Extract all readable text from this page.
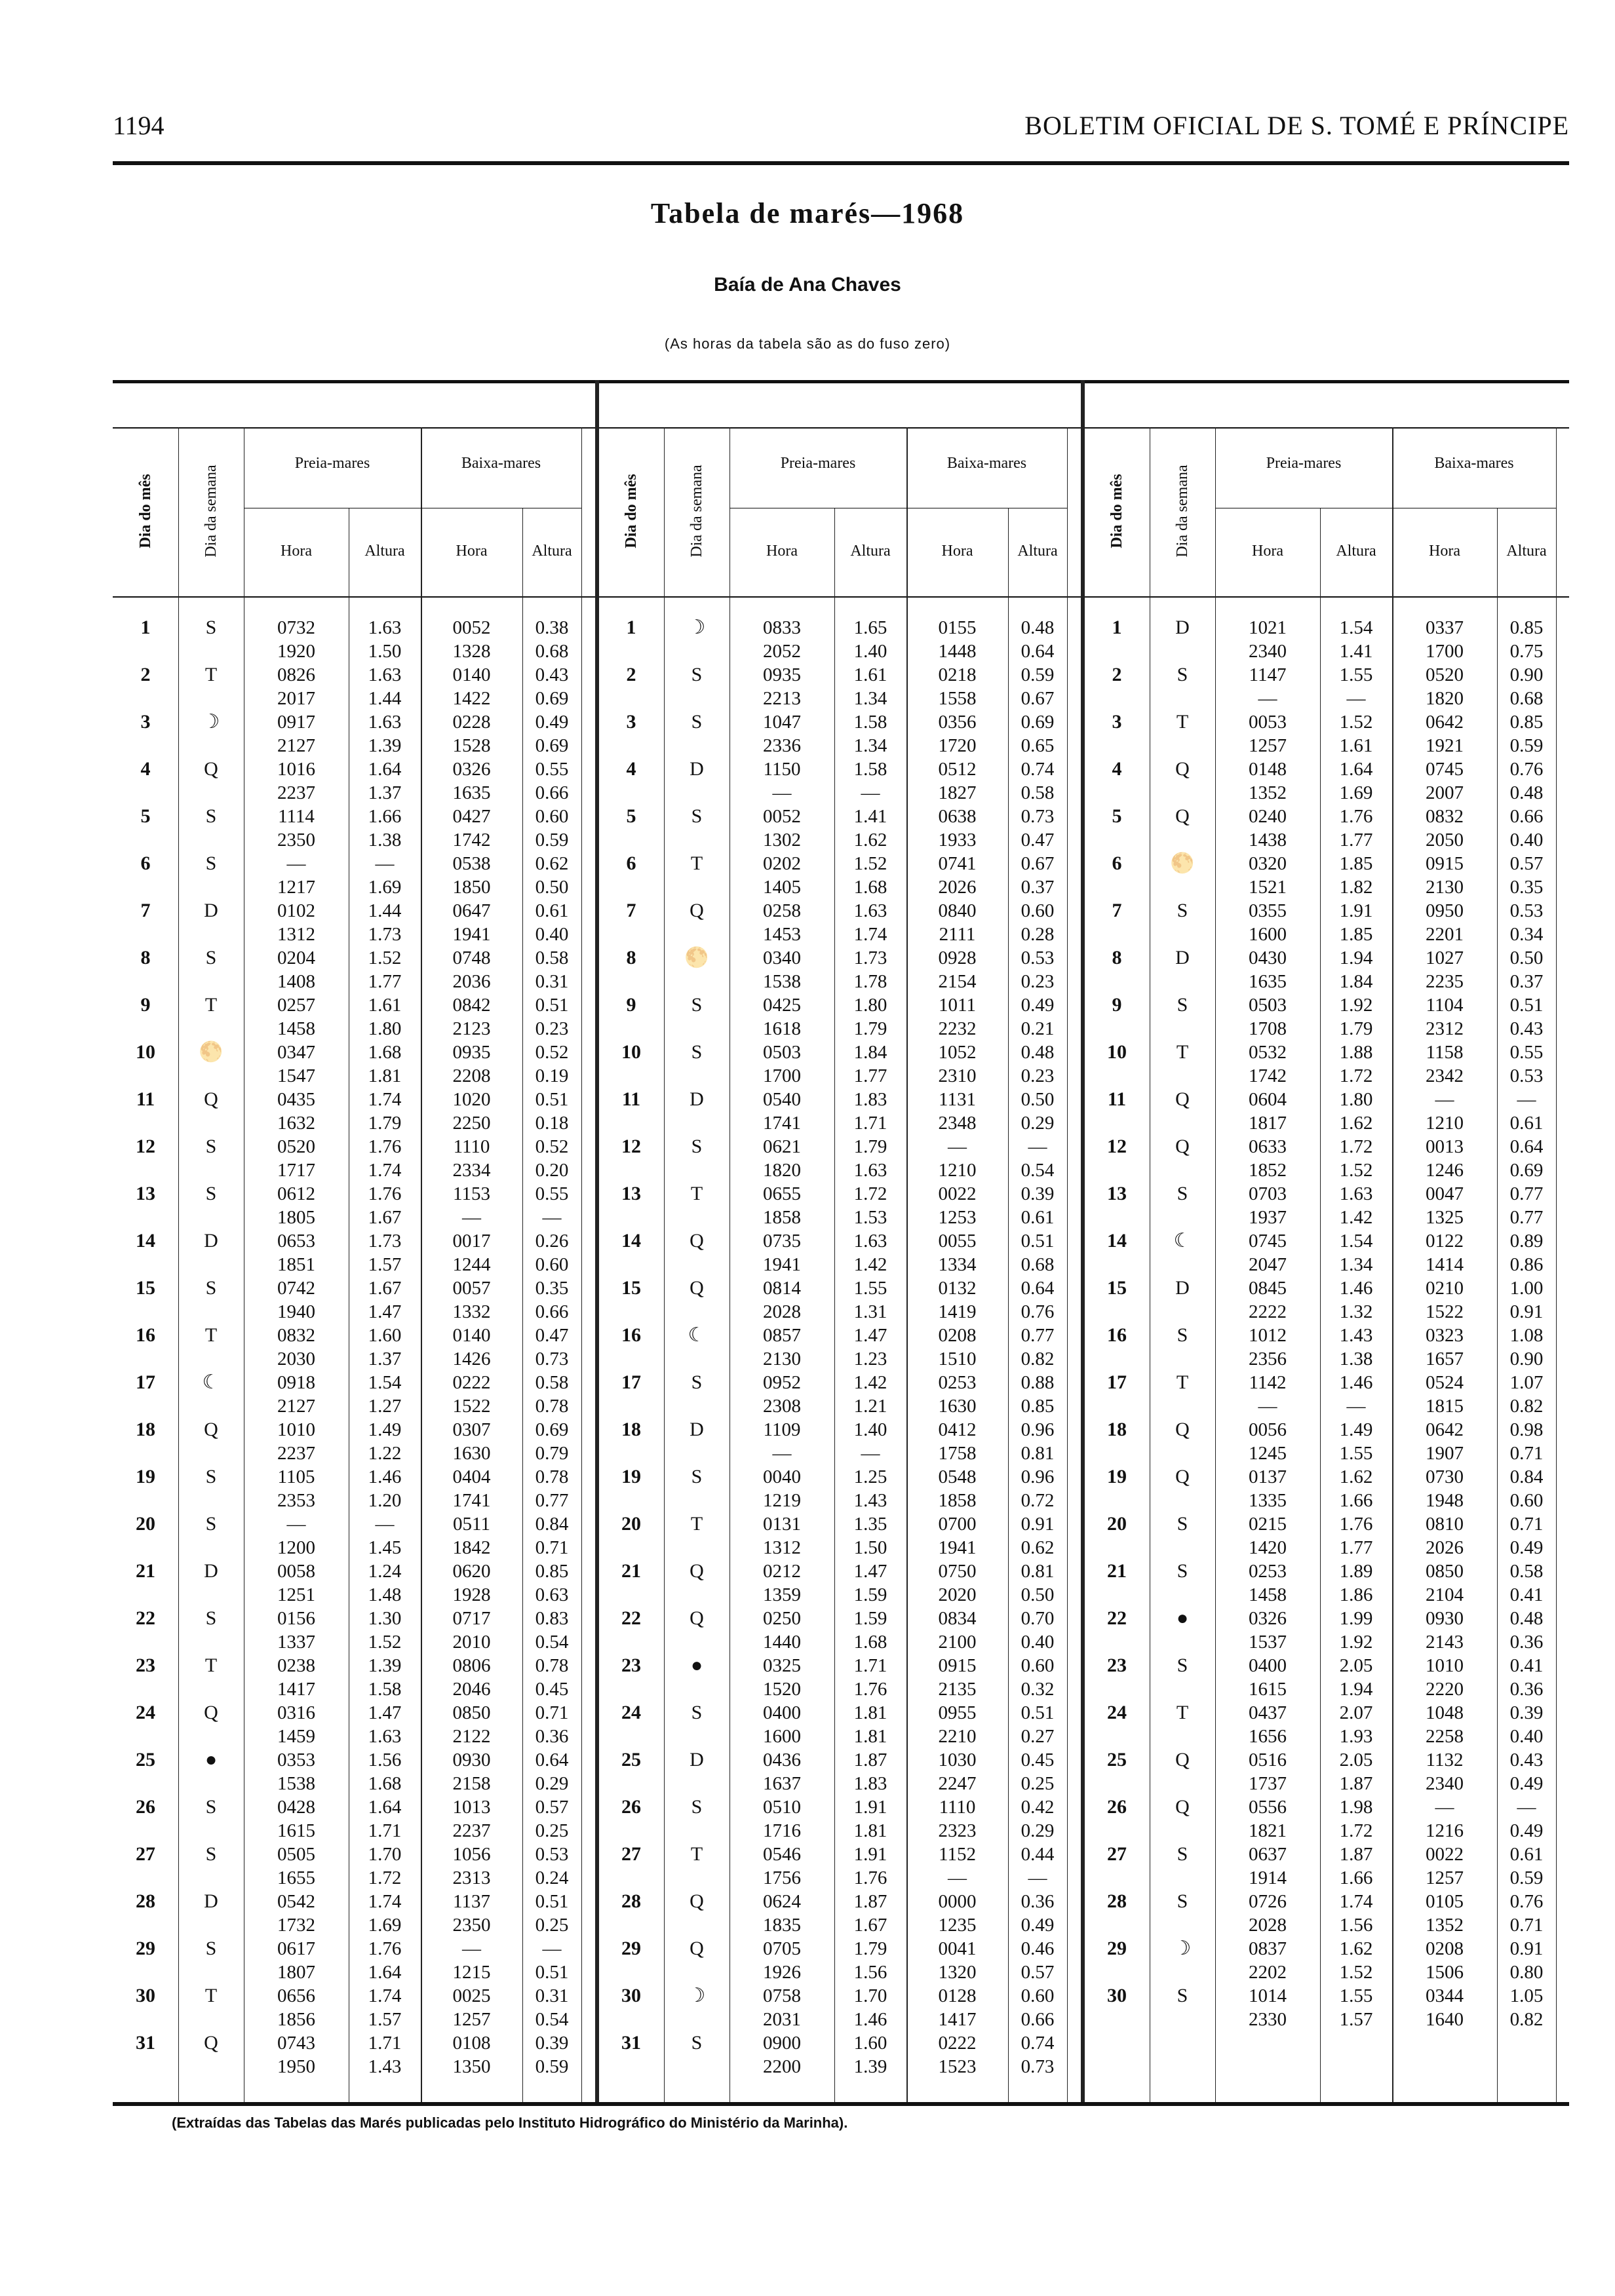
1194	BOLETIM OFICIAL DE S. TOMÉ E PRÍNCIPE
Tabela de marés—1968
Baía de Ana Chaves
(As horas da tabela são as do fuso zero)
Dia do mês	Dia da semana
Preia-mares	Baixa-mares
Hora	Altura	Hora	Altura
1	S	0732	1.63	0052	0.38
1920	1.50	1328	0.68
2	T	0826	1.63	0140	0.43
2017	1.44	1422	0.69
3	☽	0917	1.63	0228	0.49
2127	1.39	1528	0.69
4	Q	1016	1.64	0326	0.55
2237	1.37	1635	0.66
5	S	1114	1.66	0427	0.60
2350	1.38	1742	0.59
6	S	—	—	0538	0.62
1217	1.69	1850	0.50
7	D	0102	1.44	0647	0.61
1312	1.73	1941	0.40
8	S	0204	1.52	0748	0.58
1408	1.77	2036	0.31
9	T	0257	1.61	0842	0.51
1458	1.80	2123	0.23
10	🌕	0347	1.68	0935	0.52
1547	1.81	2208	0.19
11	Q	0435	1.74	1020	0.51
1632	1.79	2250	0.18
12	S	0520	1.76	1110	0.52
1717	1.74	2334	0.20
13	S	0612	1.76	1153	0.55
1805	1.67	—	—
14	D	0653	1.73	0017	0.26
1851	1.57	1244	0.60
15	S	0742	1.67	0057	0.35
1940	1.47	1332	0.66
16	T	0832	1.60	0140	0.47
2030	1.37	1426	0.73
17	☾	0918	1.54	0222	0.58
2127	1.27	1522	0.78
18	Q	1010	1.49	0307	0.69
2237	1.22	1630	0.79
19	S	1105	1.46	0404	0.78
2353	1.20	1741	0.77
20	S	—	—	0511	0.84
1200	1.45	1842	0.71
21	D	0058	1.24	0620	0.85
1251	1.48	1928	0.63
22	S	0156	1.30	0717	0.83
1337	1.52	2010	0.54
23	T	0238	1.39	0806	0.78
1417	1.58	2046	0.45
24	Q	0316	1.47	0850	0.71
1459	1.63	2122	0.36
25	●	0353	1.56	0930	0.64
1538	1.68	2158	0.29
26	S	0428	1.64	1013	0.57
1615	1.71	2237	0.25
27	S	0505	1.70	1056	0.53
1655	1.72	2313	0.24
28	D	0542	1.74	1137	0.51
1732	1.69	2350	0.25
29	S	0617	1.76	—	—
1807	1.64	1215	0.51
30	T	0656	1.74	0025	0.31
1856	1.57	1257	0.54
31	Q	0743	1.71	0108	0.39
1950	1.43	1350	0.59
Dia do mês	Dia da semana
Preia-mares	Baixa-mares
Hora	Altura	Hora	Altura
1	☽	0833	1.65	0155	0.48
2052	1.40	1448	0.64
2	S	0935	1.61	0218	0.59
2213	1.34	1558	0.67
3	S	1047	1.58	0356	0.69
2336	1.34	1720	0.65
4	D	1150	1.58	0512	0.74
—	—	1827	0.58
5	S	0052	1.41	0638	0.73
1302	1.62	1933	0.47
6	T	0202	1.52	0741	0.67
1405	1.68	2026	0.37
7	Q	0258	1.63	0840	0.60
1453	1.74	2111	0.28
8	🌕	0340	1.73	0928	0.53
1538	1.78	2154	0.23
9	S	0425	1.80	1011	0.49
1618	1.79	2232	0.21
10	S	0503	1.84	1052	0.48
1700	1.77	2310	0.23
11	D	0540	1.83	1131	0.50
1741	1.71	2348	0.29
12	S	0621	1.79	—	—
1820	1.63	1210	0.54
13	T	0655	1.72	0022	0.39
1858	1.53	1253	0.61
14	Q	0735	1.63	0055	0.51
1941	1.42	1334	0.68
15	Q	0814	1.55	0132	0.64
2028	1.31	1419	0.76
16	☾	0857	1.47	0208	0.77
2130	1.23	1510	0.82
17	S	0952	1.42	0253	0.88
2308	1.21	1630	0.85
18	D	1109	1.40	0412	0.96
—	—	1758	0.81
19	S	0040	1.25	0548	0.96
1219	1.43	1858	0.72
20	T	0131	1.35	0700	0.91
1312	1.50	1941	0.62
21	Q	0212	1.47	0750	0.81
1359	1.59	2020	0.50
22	Q	0250	1.59	0834	0.70
1440	1.68	2100	0.40
23	●	0325	1.71	0915	0.60
1520	1.76	2135	0.32
24	S	0400	1.81	0955	0.51
1600	1.81	2210	0.27
25	D	0436	1.87	1030	0.45
1637	1.83	2247	0.25
26	S	0510	1.91	1110	0.42
1716	1.81	2323	0.29
27	T	0546	1.91	1152	0.44
1756	1.76	—	—
28	Q	0624	1.87	0000	0.36
1835	1.67	1235	0.49
29	Q	0705	1.79	0041	0.46
1926	1.56	1320	0.57
30	☽	0758	1.70	0128	0.60
2031	1.46	1417	0.66
31	S	0900	1.60	0222	0.74
2200	1.39	1523	0.73
Dia do mês	Dia da semana
Preia-mares	Baixa-mares
Hora	Altura	Hora	Altura
1	D	1021	1.54	0337	0.85
2340	1.41	1700	0.75
2	S	1147	1.55	0520	0.90
—	—	1820	0.68
3	T	0053	1.52	0642	0.85
1257	1.61	1921	0.59
4	Q	0148	1.64	0745	0.76
1352	1.69	2007	0.48
5	Q	0240	1.76	0832	0.66
1438	1.77	2050	0.40
6	🌕	0320	1.85	0915	0.57
1521	1.82	2130	0.35
7	S	0355	1.91	0950	0.53
1600	1.85	2201	0.34
8	D	0430	1.94	1027	0.50
1635	1.84	2235	0.37
9	S	0503	1.92	1104	0.51
1708	1.79	2312	0.43
10	T	0532	1.88	1158	0.55
1742	1.72	2342	0.53
11	Q	0604	1.80	—	—
1817	1.62	1210	0.61
12	Q	0633	1.72	0013	0.64
1852	1.52	1246	0.69
13	S	0703	1.63	0047	0.77
1937	1.42	1325	0.77
14	☾	0745	1.54	0122	0.89
2047	1.34	1414	0.86
15	D	0845	1.46	0210	1.00
2222	1.32	1522	0.91
16	S	1012	1.43	0323	1.08
2356	1.38	1657	0.90
17	T	1142	1.46	0524	1.07
—	—	1815	0.82
18	Q	0056	1.49	0642	0.98
1245	1.55	1907	0.71
19	Q	0137	1.62	0730	0.84
1335	1.66	1948	0.60
20	S	0215	1.76	0810	0.71
1420	1.77	2026	0.49
21	S	0253	1.89	0850	0.58
1458	1.86	2104	0.41
22	●	0326	1.99	0930	0.48
1537	1.92	2143	0.36
23	S	0400	2.05	1010	0.41
1615	1.94	2220	0.36
24	T	0437	2.07	1048	0.39
1656	1.93	2258	0.40
25	Q	0516	2.05	1132	0.43
1737	1.87	2340	0.49
26	Q	0556	1.98	—	—
1821	1.72	1216	0.49
27	S	0637	1.87	0022	0.61
1914	1.66	1257	0.59
28	S	0726	1.74	0105	0.76
2028	1.56	1352	0.71
29	☽	0837	1.62	0208	0.91
2202	1.52	1506	0.80
30	S	1014	1.55	0344	1.05
2330	1.57	1640	0.82
(Extraídas das Tabelas das Marés publicadas pelo Instituto Hidrográfico do Ministério da Marinha).
